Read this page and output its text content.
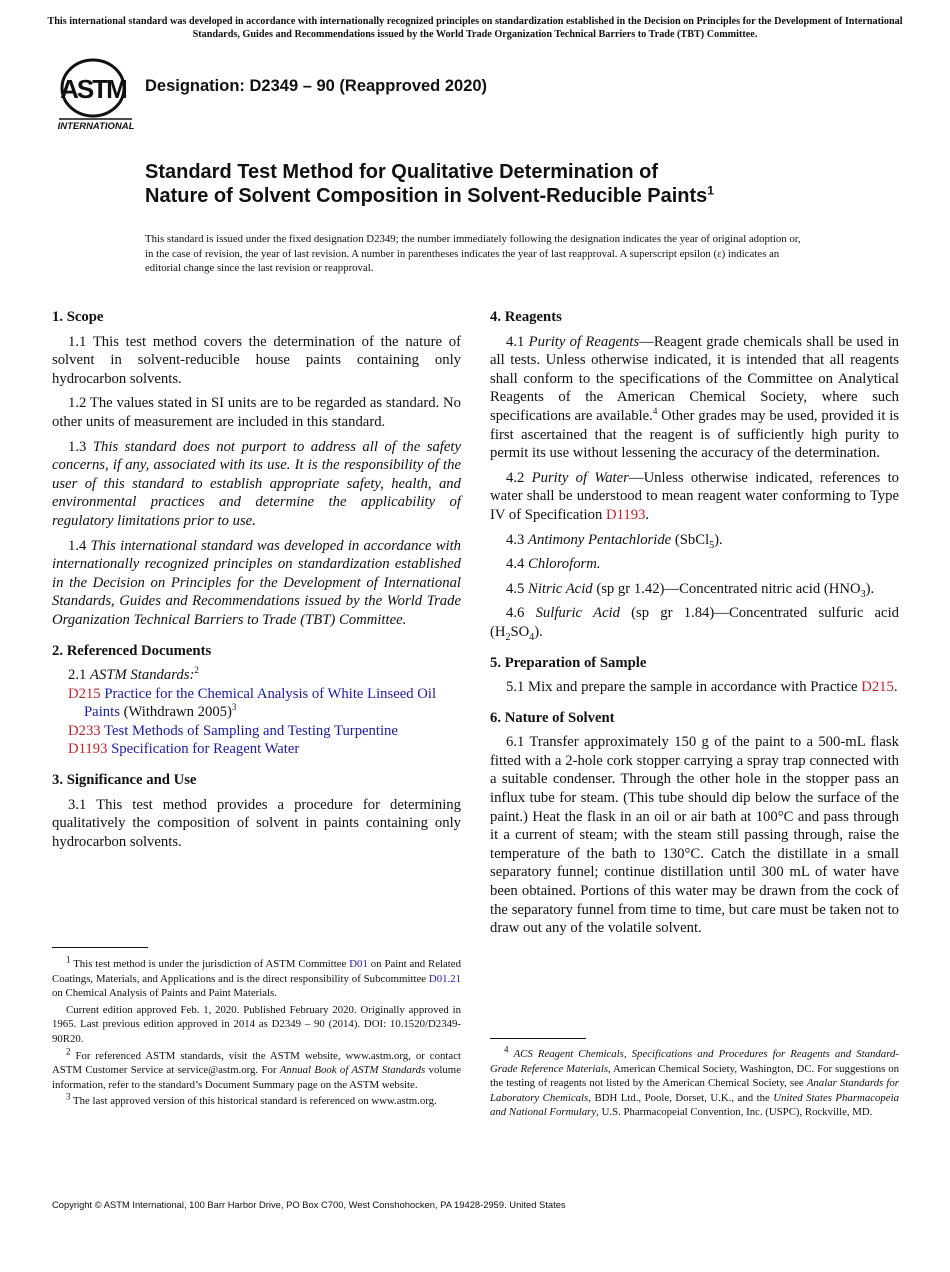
This international standard was developed in accordance with internationally recognized principles on standardization established in the Decision on Principles for the Development of International Standards, Guides and Recommendations issued by the World Trade Organization Technical Barriers to Trade (TBT) Committee.
ASTM
INTERNATIONAL
Designation: D2349 – 90 (Reapproved 2020)
Standard Test Method for Qualitative Determination of
Nature of Solvent Composition in Solvent-Reducible Paints$^1$
This standard is issued under the fixed designation D2349; the number immediately following the designation indicates the year of original adoption or, in the case of revision, the year of last revision. A number in parentheses indicates the year of last reapproval. A superscript epsilon (ε) indicates an editorial change since the last revision or reapproval.
1. Scope

1.1 This test method covers the determination of the nature of solvent in solvent-reducible house paints containing only hydrocarbon solvents.

1.2 The values stated in SI units are to be regarded as standard. No other units of measurement are included in this standard.

1.3 This standard does not purport to address all of the safety concerns, if any, associated with its use. It is the responsibility of the user of this standard to establish appropriate safety, health, and environmental practices and determine the applicability of regulatory limitations prior to use.

1.4 This international standard was developed in accordance with internationally recognized principles on standardization established in the Decision on Principles for the Development of International Standards, Guides and Recommendations issued by the World Trade Organization Technical Barriers to Trade (TBT) Committee.

2. Referenced Documents

2.1 ASTM Standards:$^2$

D215 Practice for the Chemical Analysis of White Linseed Oil Paints (Withdrawn 2005)$^3$

D233 Test Methods of Sampling and Testing Turpentine

D1193 Specification for Reagent Water

3. Significance and Use

3.1 This test method provides a procedure for determining qualitatively the composition of solvent in paints containing only hydrocarbon solvents.

$^1$ This test method is under the jurisdiction of ASTM Committee D01 on Paint and Related Coatings, Materials, and Applications and is the direct responsibility of Subcommittee D01.21 on Chemical Analysis of Paints and Paint Materials.

Current edition approved Feb. 1, 2020. Published February 2020. Originally approved in 1965. Last previous edition approved in 2014 as D2349 – 90 (2014). DOI: 10.1520/D2349-90R20.

$^2$ For referenced ASTM standards, visit the ASTM website, www.astm.org, or contact ASTM Customer Service at service@astm.org. For Annual Book of ASTM Standards volume information, refer to the standard’s Document Summary page on the ASTM website.

$^3$ The last approved version of this historical standard is referenced on www.astm.org.

4. Reagents

4.1 Purity of Reagents—Reagent grade chemicals shall be used in all tests. Unless otherwise indicated, it is intended that all reagents shall conform to the specifications of the Committee on Analytical Reagents of the American Chemical Society, where such specifications are available.$^4$ Other grades may be used, provided it is first ascertained that the reagent is of sufficiently high purity to permit its use without lessening the accuracy of the determination.

4.2 Purity of Water—Unless otherwise indicated, references to water shall be understood to mean reagent water conforming to Type IV of Specification D1193.

4.3 Antimony Pentachloride (SbCl$_5$).

4.4 Chloroform.

4.5 Nitric Acid (sp gr 1.42)—Concentrated nitric acid $(HNO_3)$.

4.6 Sulfuric Acid (sp gr 1.84)—Concentrated sulfuric acid $(H_2SO_4)$.

5. Preparation of Sample

5.1 Mix and prepare the sample in accordance with Practice D215.

6. Nature of Solvent

6.1 Transfer approximately 150 g of the paint to a 500-mL flask fitted with a 2-hole cork stopper carrying a spray trap connected with a suitable condenser. Through the other hole in the stopper pass an influx tube for steam. (This tube should dip below the surface of the paint.) Heat the flask in an oil or air bath at 100°C and pass through it a current of steam; with the steam still passing through, raise the temperature of the bath to 130°C. Catch the distillate in a small separatory funnel; continue distillation until 300 mL of water have been obtained. Portions of this water may be drawn from the cock of the separatory funnel from time to time, but care must be taken not to draw out any of the volatile solvent.

$^4$ ACS Reagent Chemicals, Specifications and Procedures for Reagents and Standard-Grade Reference Materials, American Chemical Society, Washington, DC. For suggestions on the testing of reagents not listed by the American Chemical Society, see Analar Standards for Laboratory Chemicals, BDH Ltd., Poole, Dorset, U.K., and the United States Pharmacopeia and National Formulary, U.S. Pharmacopeial Convention, Inc. (USPC), Rockville, MD.

Copyright © ASTM International, 100 Barr Harbor Drive, PO Box C700, West Conshohocken, PA 19428-2959. United States
